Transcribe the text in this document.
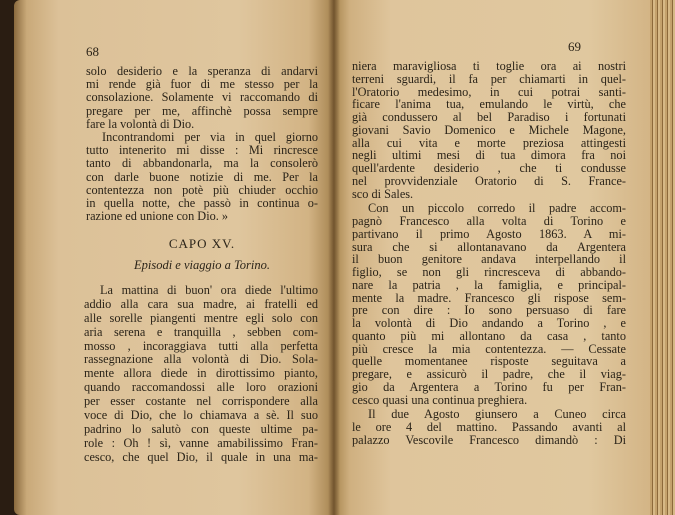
68	69
solo desiderio e la speranza di andarvi
mi rende già fuor di me stesso per la
consolazione. Solamente vi raccomando di
pregare per me, affinchè possa sempre
fare la volontà di Dio.
Incontrandomi per via in quel giorno
tutto intenerito mi disse : Mi rincresce
tanto di abbandonarla, ma la consolerò
con darle buone notizie di me. Per la
contentezza non potè più chiuder occhio
in quella notte, che passò in continua o-
razione ed unione con Dio. »
CAPO XV.
Episodi e viaggio a Torino.
La mattina di buon' ora diede l'ultimo
addio alla cara sua madre, ai fratelli ed
alle sorelle piangenti mentre egli solo con
aria serena e tranquilla , sebben com-
mosso , incoraggiava tutti alla perfetta
rassegnazione alla volontà di Dio. Sola-
mente allora diede in dirottissimo pianto,
quando raccomandossi alle loro orazioni
per esser costante nel corrispondere alla
voce di Dio, che lo chiamava a sè. Il suo
padrino lo salutò con queste ultime pa-
role : Oh ! sì, vanne amabilissimo Fran-
cesco, che quel Dio, il quale in una ma-
niera maravigliosa ti toglie ora ai nostri
terreni sguardi, il fa per chiamarti in quel-
l'Oratorio medesimo, in cui potrai santi-
ficare l'anima tua, emulando le virtù, che
già condussero al bel Paradiso i fortunati
giovani Savio Domenico e Michele Magone,
alla cui vita e morte preziosa attingesti
negli ultimi mesi di tua dimora fra noi
quell'ardente desiderio , che ti condusse
nel provvidenziale Oratorio di S. France-
sco di Sales.
Con un piccolo corredo il padre accom-
pagnò Francesco alla volta di Torino e
partivano il primo Agosto 1863. A mi-
sura che si allontanavano da Argentera
il buon genitore andava interpellando il
figlio, se non gli rincresceva di abbando-
nare la patria , la famiglia, e principal-
mente la madre. Francesco gli rispose sem-
pre con dire : Io sono persuaso di fare
la volontà di Dio andando a Torino , e
quanto più mi allontano da casa , tanto
più cresce la mia contentezza. — Cessate
quelle momentanee risposte seguitava a
pregare, e assicurò il padre, che il viag-
gio da Argentera a Torino fu per Fran-
cesco quasi una continua preghiera.
Il due Agosto giunsero a Cuneo circa
le ore 4 del mattino. Passando avanti al
palazzo Vescovile Francesco dimandò : Di
